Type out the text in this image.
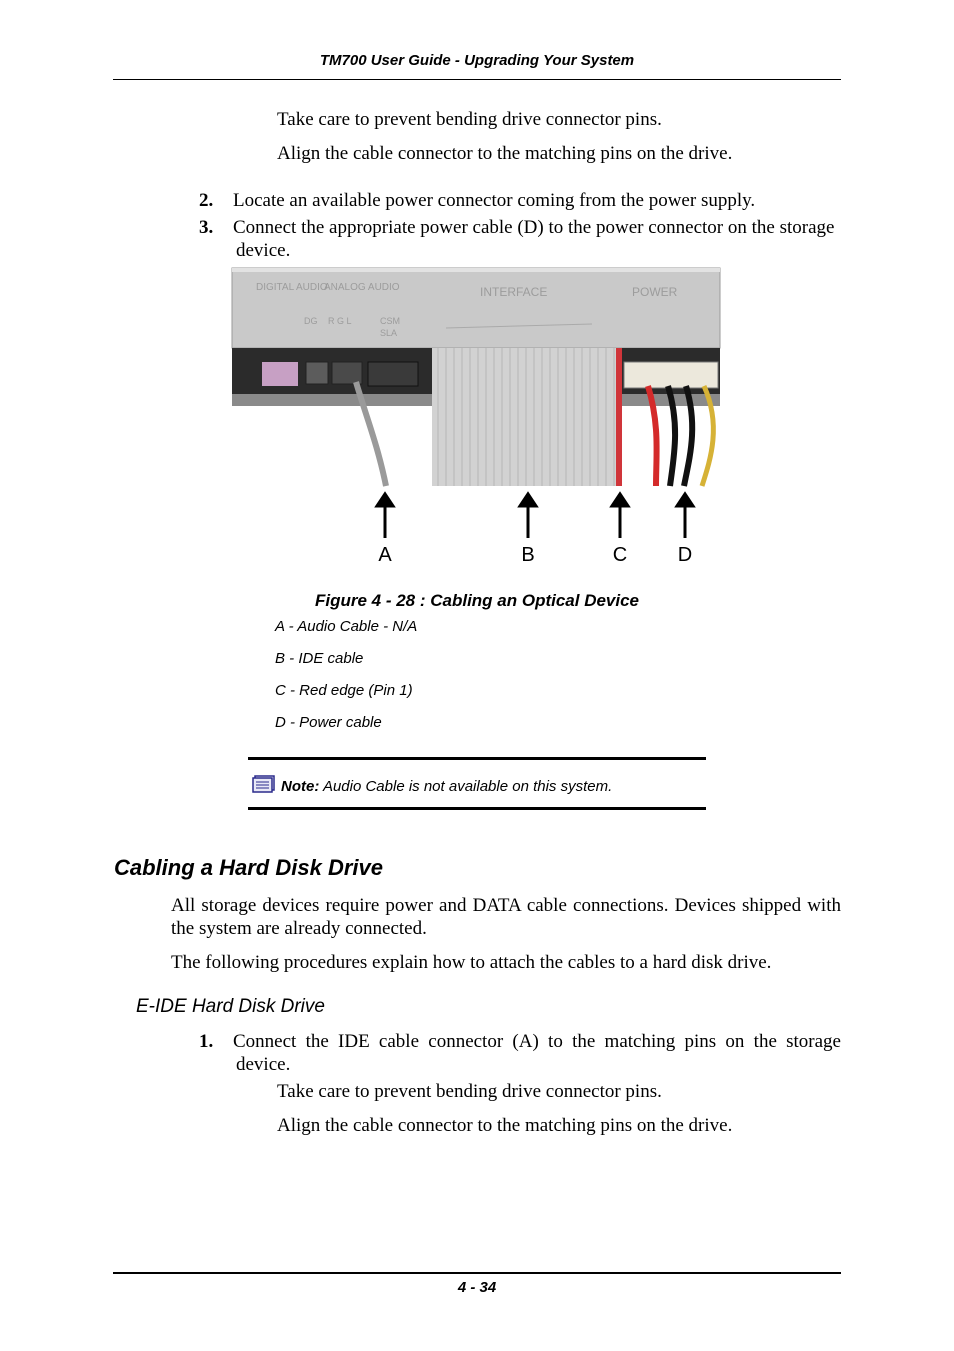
TM700 User Guide - Upgrading Your System
Take care to prevent bending drive connector pins.
Align the cable connector to the matching pins on the drive.
2. Locate an available power connector coming from the power supply.
3. Connect the appropriate power cable (D) to the power connector on the storage
device.
DIGITAL AUDIO
ANALOG AUDIO	INTERFACE	POWER
DG R G L	CSM
SLA
A	B	C	D
Figure 4 - 28 : Cabling an Optical Device
A - Audio Cable - N/A
B - IDE cable
C - Red edge (Pin 1)
D - Power cable
Note: Audio Cable is not available on this system.
Cabling a Hard Disk Drive
All storage devices require power and DATA cable connections. Devices shipped with
the system are already connected.
The following procedures explain how to attach the cables to a hard disk drive.
E-IDE Hard Disk Drive
1. Connect the IDE cable connector (A) to the matching pins on the storage
device.
Take care to prevent bending drive connector pins.
Align the cable connector to the matching pins on the drive.
4 - 34
